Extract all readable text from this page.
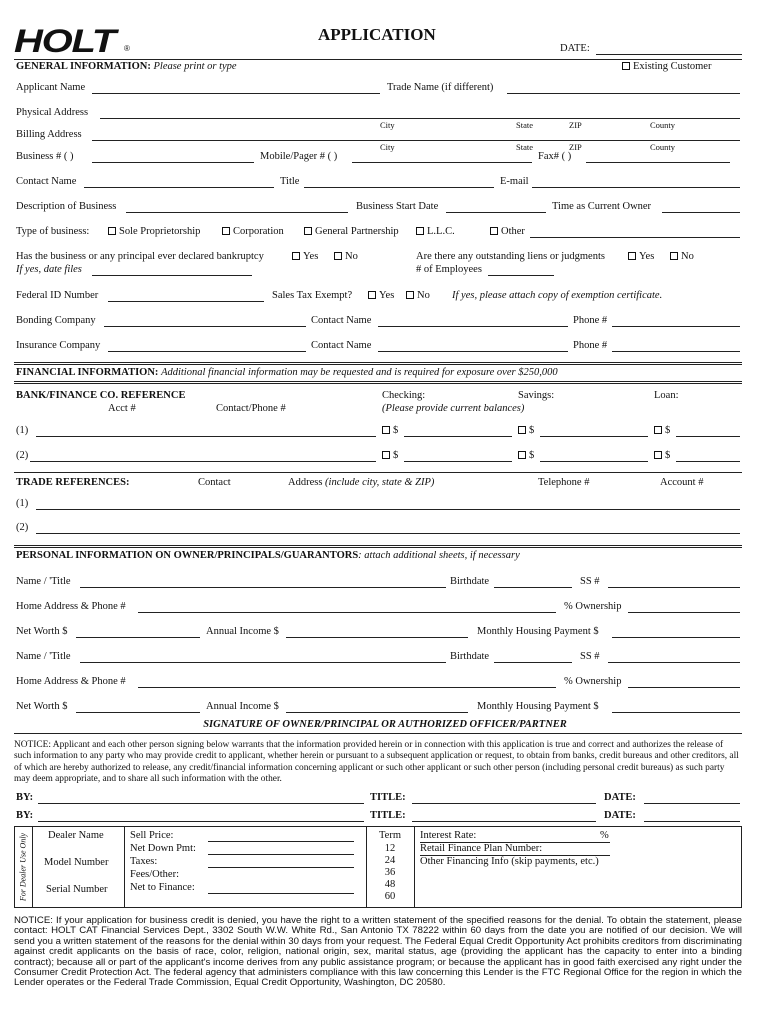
HOLT ®
APPLICATION
DATE:
GENERAL INFORMATION: Please print or type	Existing Customer
Applicant Name	Trade Name (if different)
Physical Address
City	State	ZIP	County
Billing Address
City	State	ZIP	County
Business # ( )	Mobile/Pager # ( )	Fax# ( )
Contact Name	Title	E-mail
Description of Business	Business Start Date	Time as Current Owner
Type of business:	Sole Proprietorship	Corporation	General Partnership	L.L.C.	Other
Has the business or any principal ever declared bankruptcy	Yes	No
If yes, date files
Are there any outstanding liens or judgments	Yes	No
# of Employees
Federal ID Number	Sales Tax Exempt?	Yes	No If yes, please attach copy of exemption certificate.
Bonding Company	Contact Name	Phone #
Insurance Company	Contact Name	Phone #
FINANCIAL INFORMATION: Additional financial information may be requested and is required for exposure over $250,000
BANK/FINANCE CO. REFERENCE
Acct #	Contact/Phone #
Checking:	Savings:	Loan:
(Please provide current balances)
(1)	$	$	$
(2)	$	$	$
TRADE REFERENCES:	Contact	Address (include city, state & ZIP)	Telephone #	Account #
(1)
(2)
PERSONAL INFORMATION ON OWNER/PRINCIPALS/GUARANTORS: attach additional sheets, if necessary
Name / 'Title	Birthdate	SS #
Home Address & Phone #	% Ownership
Net Worth $	Annual Income $	Monthly Housing Payment $
Name / 'Title	Birthdate	SS #
Home Address & Phone #	% Ownership
Net Worth $	Annual Income $	Monthly Housing Payment $
SIGNATURE OF OWNER/PRINCIPAL OR AUTHORIZED OFFICER/PARTNER
NOTICE: Applicant and each other person signing below warrants that the information provided herein or in connection with this application is true and correct and authorizes the release of such information to any party who may provide credit to applicant, whether herein or pursuant to a subsequent application or request, to obtain from banks, credit bureaus and other creditors, all of which are hereby authorized to release, any credit/financial information concerning applicant or such other applicant or such other person (including personal credit bureaus) as such party may deem appropriate, and to share all such information with the other.
BY:	TITLE:	DATE:
BY:	TITLE:	DATE:
For Dealer Use Only Dealer Name
Model Number
Serial Number
Sell Price:
Net Down Pmt:
Taxes:
Fees/Other:
Net to Finance:
Term
12
24
36
48
60
Interest Rate:	%
Retail Finance Plan Number:
Other Financing Info (skip payments, etc.)
NOTICE: If your application for business credit is denied, you have the right to a written statement of the specified reasons for the denial. To obtain the statement, please contact: HOLT CAT Financial Services Dept., 3302 South W.W. White Rd., San Antonio TX 78222 within 60 days from the date you are notified of our decision. We will send you a written statement of the reasons for the denial within 30 days from your request. The Federal Equal Credit Opportunity Act prohibits creditors from discriminating against credit applicants on the basis of race, color, religion, national origin, sex, marital status, age (providing the applicant has the capacity to enter into a binding contract); because all or part of the applicant's income derives from any public assistance program; or because the applicant has in good faith exercised any right under the Consumer Credit Protection Act. The federal agency that administers compliance with this law concerning this Lender is the FTC Regional Office for the region in which the Lender operates or the Federal Trade Commission, Equal Credit Opportunity, Washington, DC 20580.
